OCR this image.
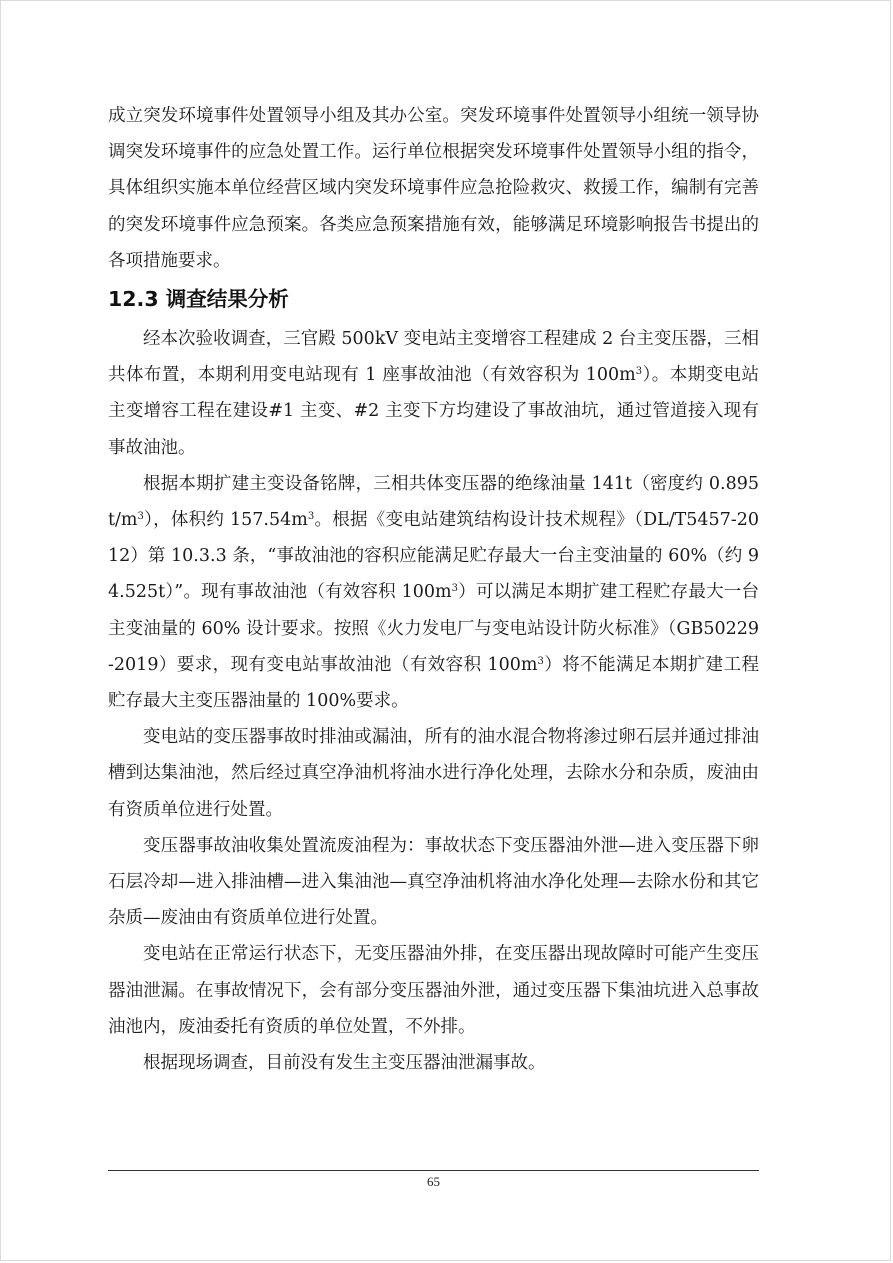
成立突发环境事件处置领导小组及其办公室。突发环境事件处置领导小组统一领导协调突发环境事件的应急处置工作。运行单位根据突发环境事件处置领导小组的指令，具体组织实施本单位经营区域内突发环境事件应急抢险救灾、救援工作，编制有完善的突发环境事件应急预案。各类应急预案措施有效，能够满足环境影响报告书提出的各项措施要求。

12.3 调查结果分析

经本次验收调查，三官殿 500kV 变电站主变增容工程建成 2 台主变压器，三相共体布置，本期利用变电站现有 1 座事故油池（有效容积为 $100m^3$）。本期变电站主变增容工程在建设#1 主变、#2 主变下方均建设了事故油坑，通过管道接入现有事故油池。

根据本期扩建主变设备铭牌，三相共体变压器的绝缘油量 141t（密度约 $0.895t/m^3$），体积约 $157.54m^3$。根据《变电站建筑结构设计技术规程》（DL/T5457-2012）第 10.3.3 条，“事故油池的容积应能满足贮存最大一台主变油量的 60%（约 94.525t）”。现有事故油池（有效容积 $100m^3$）可以满足本期扩建工程贮存最大一台主变油量的 60% 设计要求。按照《火力发电厂与变电站设计防火标准》（GB50229-2019）要求，现有变电站事故油池（有效容积 $100m^3$）将不能满足本期扩建工程贮存最大主变压器油量的 100%要求。

变电站的变压器事故时排油或漏油，所有的油水混合物将渗过卵石层并通过排油槽到达集油池，然后经过真空净油机将油水进行净化处理，去除水分和杂质，废油由有资质单位进行处置。

变压器事故油收集处置流废油程为：事故状态下变压器油外泄—进入变压器下卵石层冷却—进入排油槽—进入集油池—真空净油机将油水净化处理—去除水份和其它杂质—废油由有资质单位进行处置。

变电站在正常运行状态下，无变压器油外排，在变压器出现故障时可能产生变压器油泄漏。在事故情况下，会有部分变压器油外泄，通过变压器下集油坑进入总事故油池内，废油委托有资质的单位处置，不外排。

根据现场调查，目前没有发生主变压器油泄漏事故。

65
